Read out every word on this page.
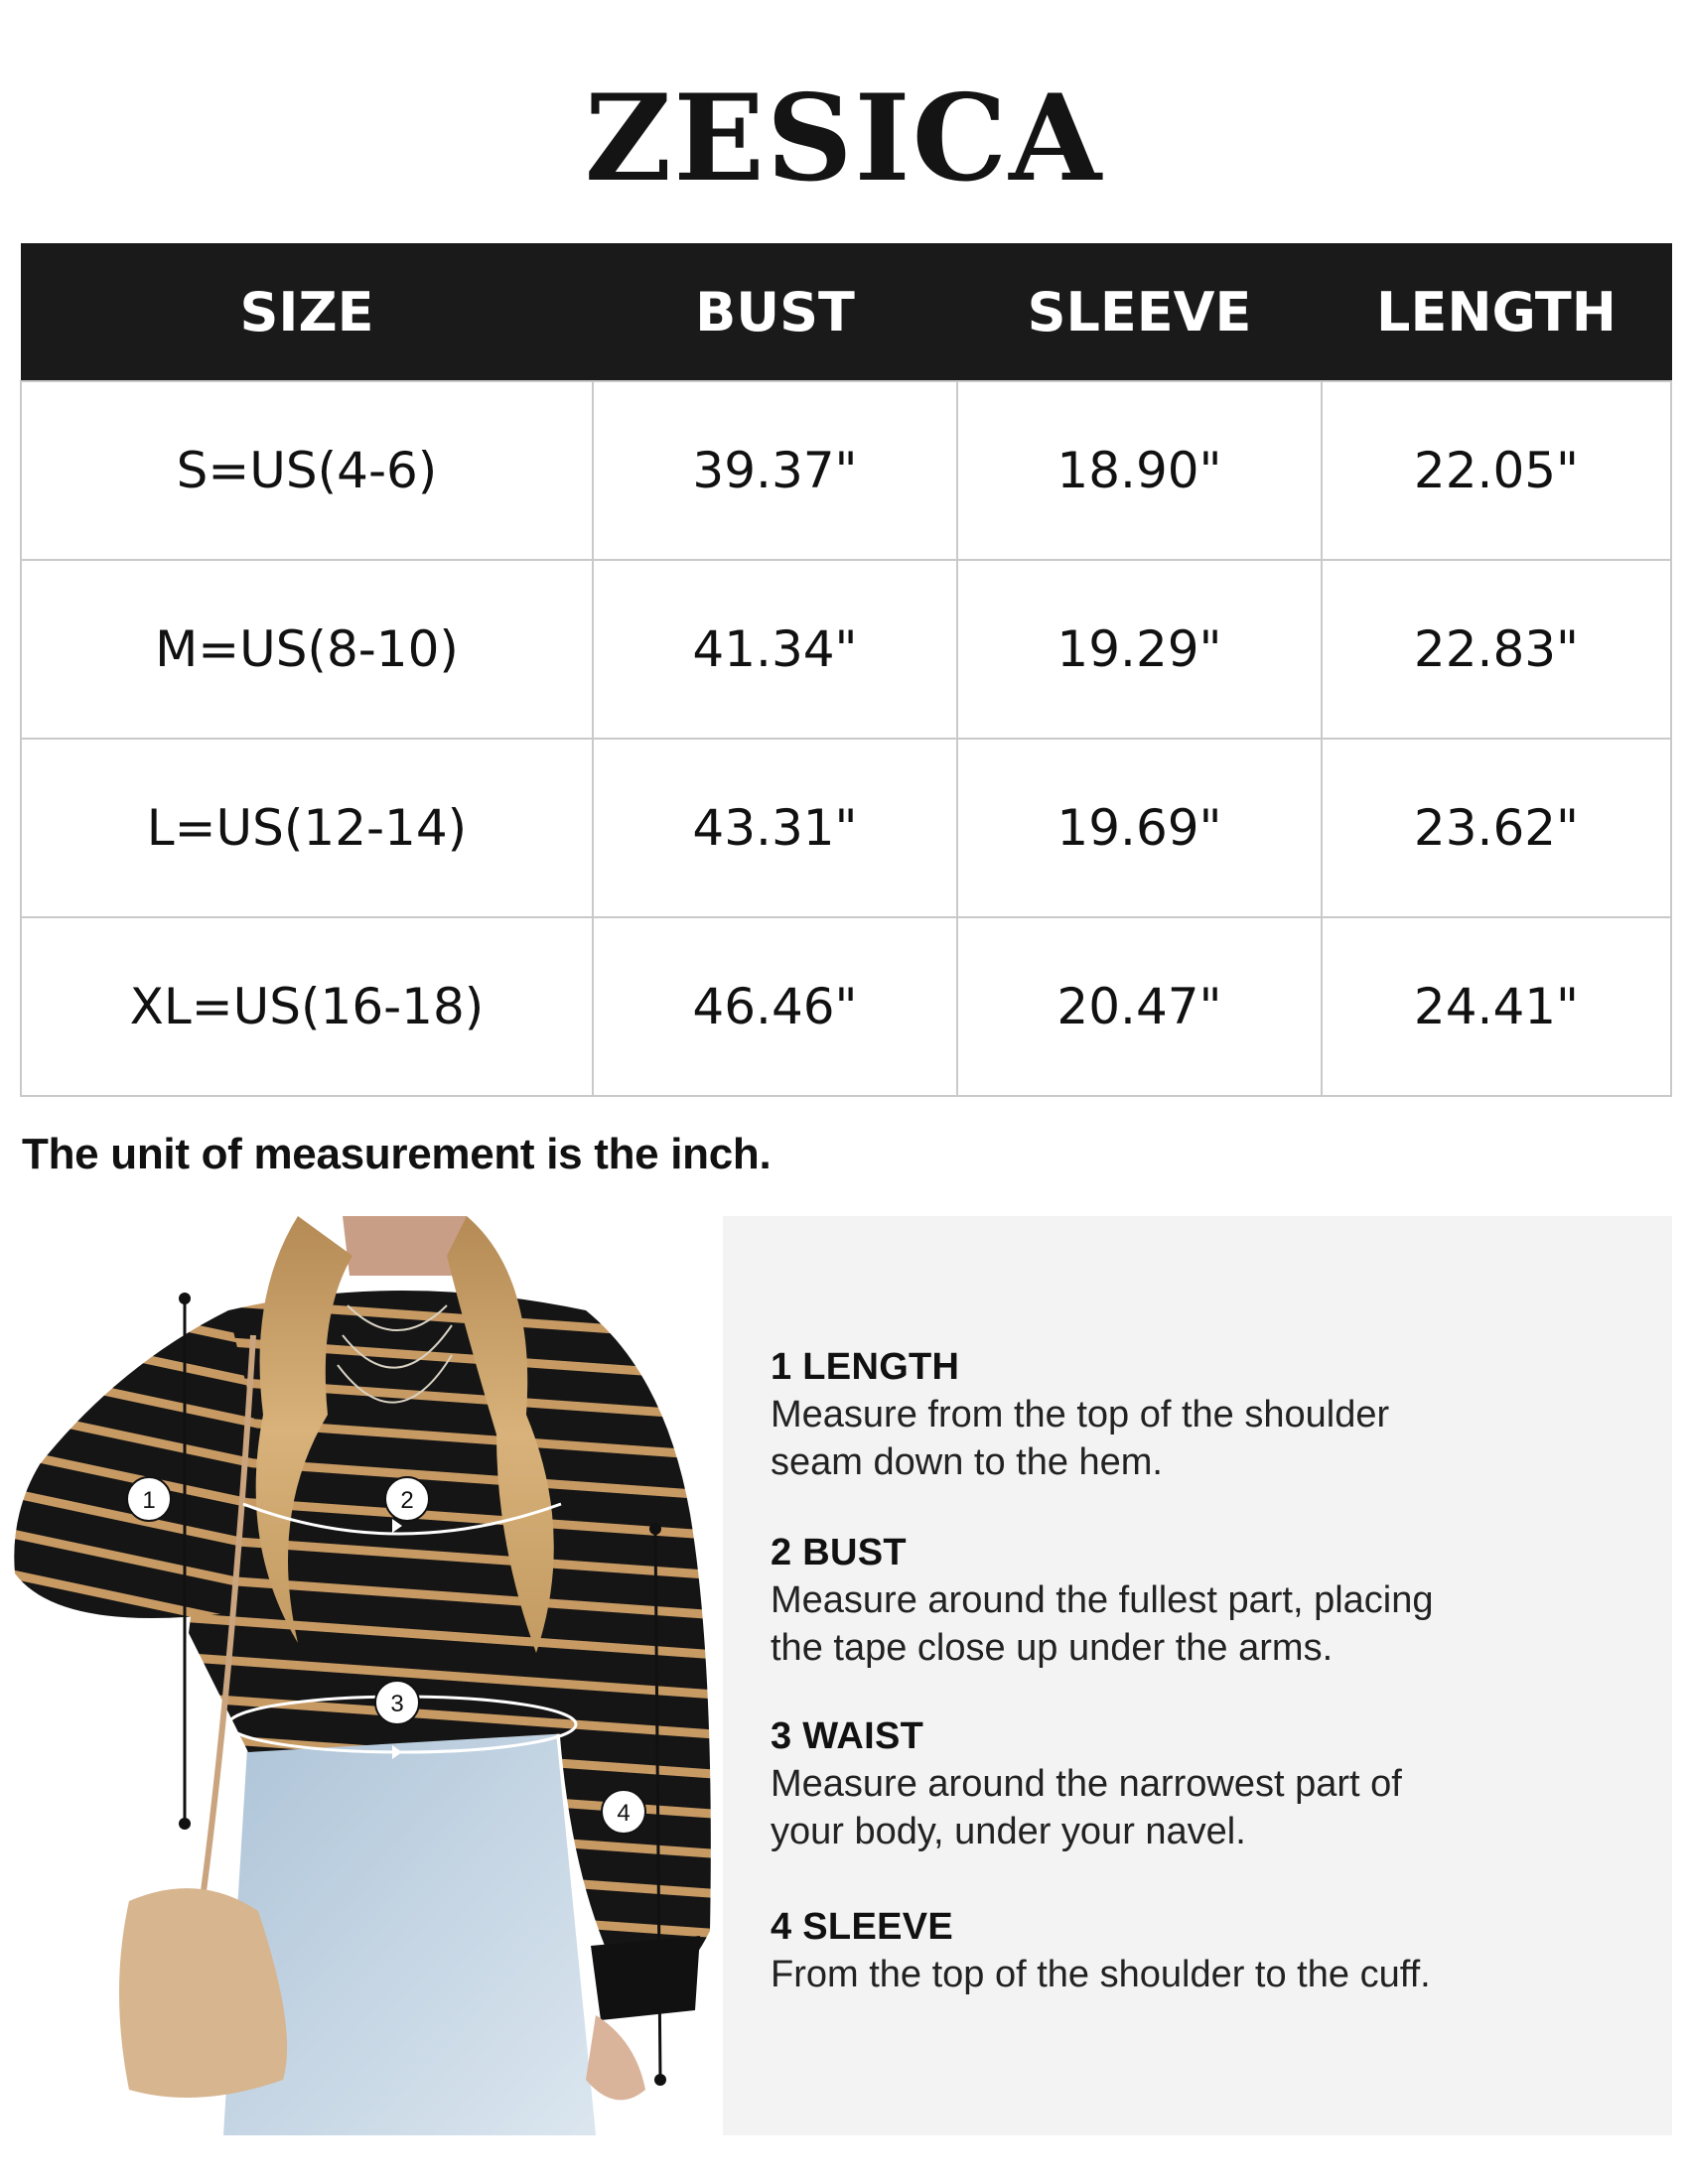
ZESICA
SIZE	BUST	SLEEVE	LENGTH
S=US(4-6)	39.37"	18.90"	22.05"
M=US(8-10)	41.34"	19.29"	22.83"
L=US(12-14)	43.31"	19.69"	23.62"
XL=US(16-18)	46.46"	20.47"	24.41"
The unit of measurement is the inch.
1	2
3
4
1 LENGTH
Measure from the top of the shoulder
seam down to the hem.
2 BUST
Measure around the fullest part, placing
the tape close up under the arms.
3 WAIST
Measure around the narrowest part of
your body, under your navel.
4 SLEEVE
From the top of the shoulder to the cuff.
